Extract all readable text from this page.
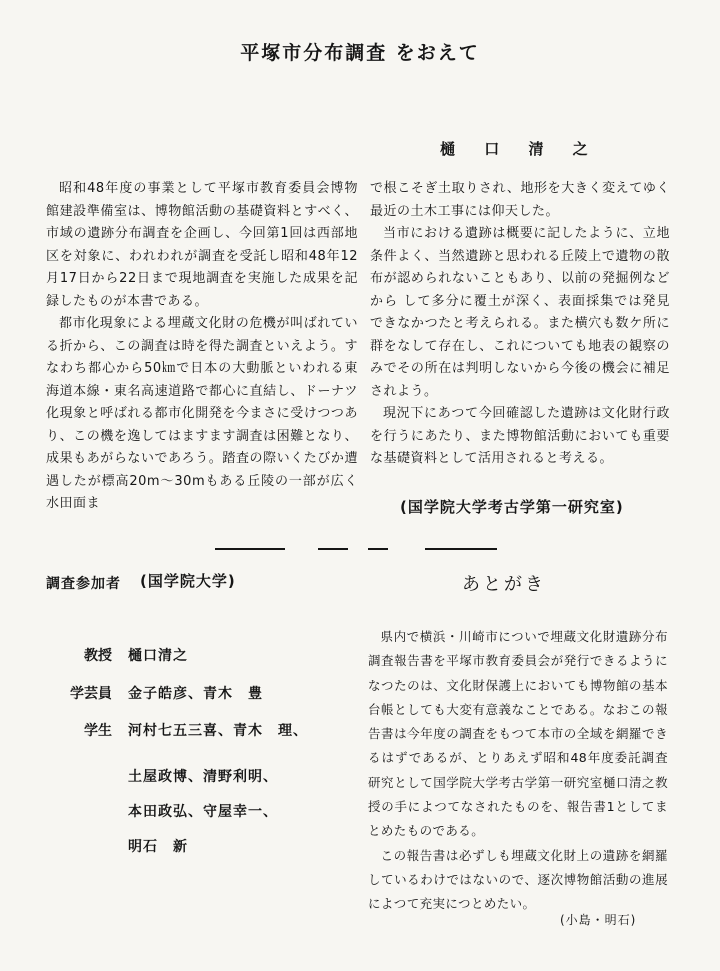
平塚市分布調査 をおえて
樋 口 清 之

昭和48年度の事業として平塚市教育委員会博物館建設準備室は、博物館活動の基礎資料とすべく、市域の遺跡分布調査を企画し、今回第1回は西部地区を対象に、われわれが調査を受託し昭和48年12月17日から22日まで現地調査を実施した成果を記録したものが本書である。

都市化現象による埋蔵文化財の危機が叫ばれている折から、この調査は時を得た調査といえよう。すなわち都心から50㎞で日本の大動脈といわれる東海道本線・東名高速道路で都心に直結し、ドーナツ化現象と呼ばれる都市化開発を今まさに受けつつあり、この機を逸してはますます調査は困難となり、成果もあがらないであろう。踏査の際いくたびか遭遇したが標高20m〜30mもある丘陵の一部が広く水田面ま

で根こそぎ土取りされ、地形を大きく変えてゆく最近の土木工事には仰天した。

当市における遺跡は概要に記したように、立地条件よく、当然遺跡と思われる丘陵上で遺物の散布が認められないこともあり、以前の発掘例などから して多分に覆土が深く、表面採集では発見できなかつたと考えられる。また横穴も数ケ所に群をなして存在し、これについても地表の観察のみでその所在は判明しないから今後の機会に補足されよう。

現況下にあつて今回確認した遺跡は文化財行政を行うにあたり、また博物館活動においても重要な基礎資料として活用されると考える。

(国学院大学考古学第一研究室)
調査参加者 (国学院大学)
教授 樋口清之
学芸員 金子皓彦、青木　豊
学生 河村七五三喜、青木　理、
土屋政博、清野利明、
本田政弘、守屋幸一、
明石　新
あとがき

県内で横浜・川崎市についで埋蔵文化財遺跡分布調査報告書を平塚市教育委員会が発行できるようになつたのは、文化財保護上においても博物館の基本台帳としても大変有意義なことである。なおこの報告書は今年度の調査をもつて本市の全域を網羅できるはずであるが、とりあえず昭和48年度委託調査研究として国学院大学考古学第一研究室樋口清之教授の手によつてなされたものを、報告書1としてまとめたものである。

この報告書は必ずしも埋蔵文化財上の遺跡を網羅しているわけではないので、逐次博物館活動の進展によつて充実につとめたい。

(小島・明石)
